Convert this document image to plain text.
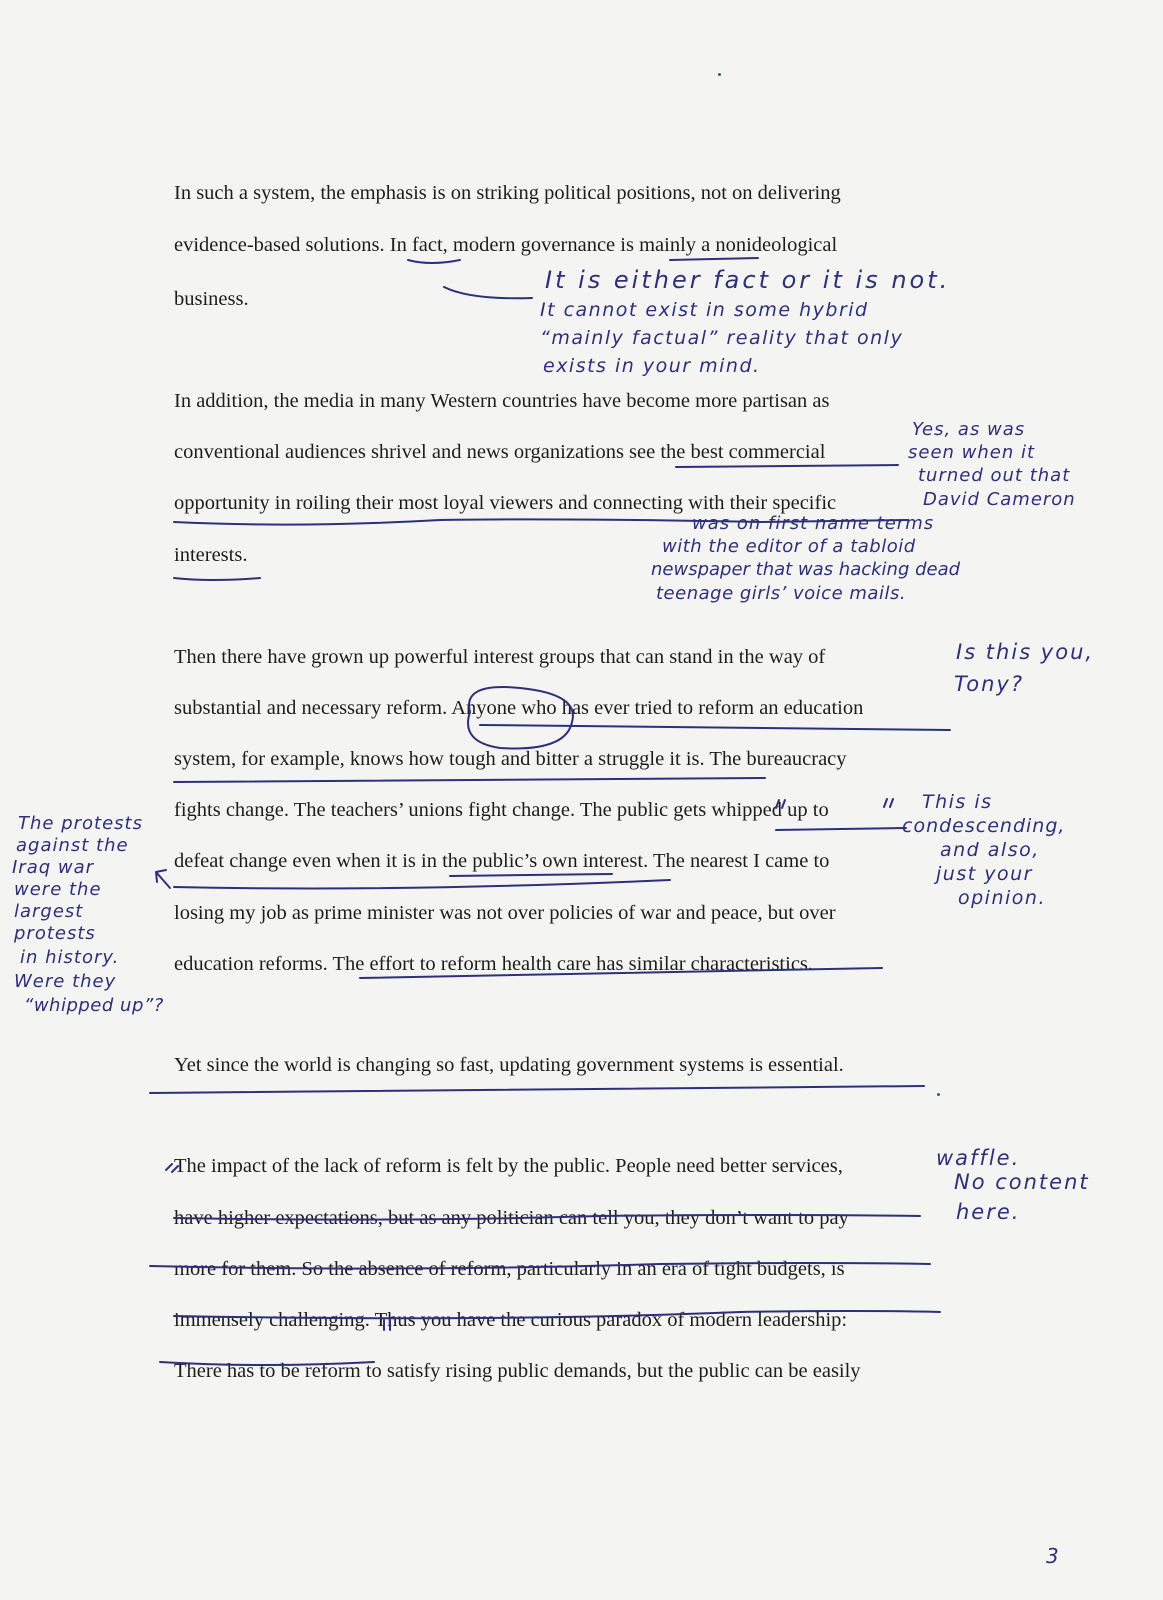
In such a system, the emphasis is on striking political positions, not on delivering
evidence-based solutions. In fact, modern governance is mainly a nonideological
business.
In addition, the media in many Western countries have become more partisan as
conventional audiences shrivel and news organizations see the best commercial
opportunity in roiling their most loyal viewers and connecting with their specific
interests.
Then there have grown up powerful interest groups that can stand in the way of
substantial and necessary reform. Anyone who has ever tried to reform an education
system, for example, knows how tough and bitter a struggle it is. The bureaucracy
fights change. The teachers’ unions fight change. The public gets whipped up to
defeat change even when it is in the public’s own interest. The nearest I came to
losing my job as prime minister was not over policies of war and peace, but over
education reforms. The effort to reform health care has similar characteristics.
Yet since the world is changing so fast, updating government systems is essential.
The impact of the lack of reform is felt by the public. People need better services,
have higher expectations, but as any politician can tell you, they don’t want to pay
more for them. So the absence of reform, particularly in an era of tight budgets, is
immensely challenging. Thus you have the curious paradox of modern leadership:
There has to be reform to satisfy rising public demands, but the public can be easily
It is either fact or it is not.
It cannot exist in some hybrid
“mainly factual” reality that only
exists in your mind.
Yes, as was
seen when it
turned out that
David Cameron
was on first name terms
with the editor of a tabloid
newspaper that was hacking dead
teenage girls’ voice mails.
Is this you,
Tony?
This is
condescending,
and also,
just your
opinion.
The protests
against the
Iraq war
were the
largest
protests
in history.
Were they
“whipped up”?
waffle.
No content
here.
3
